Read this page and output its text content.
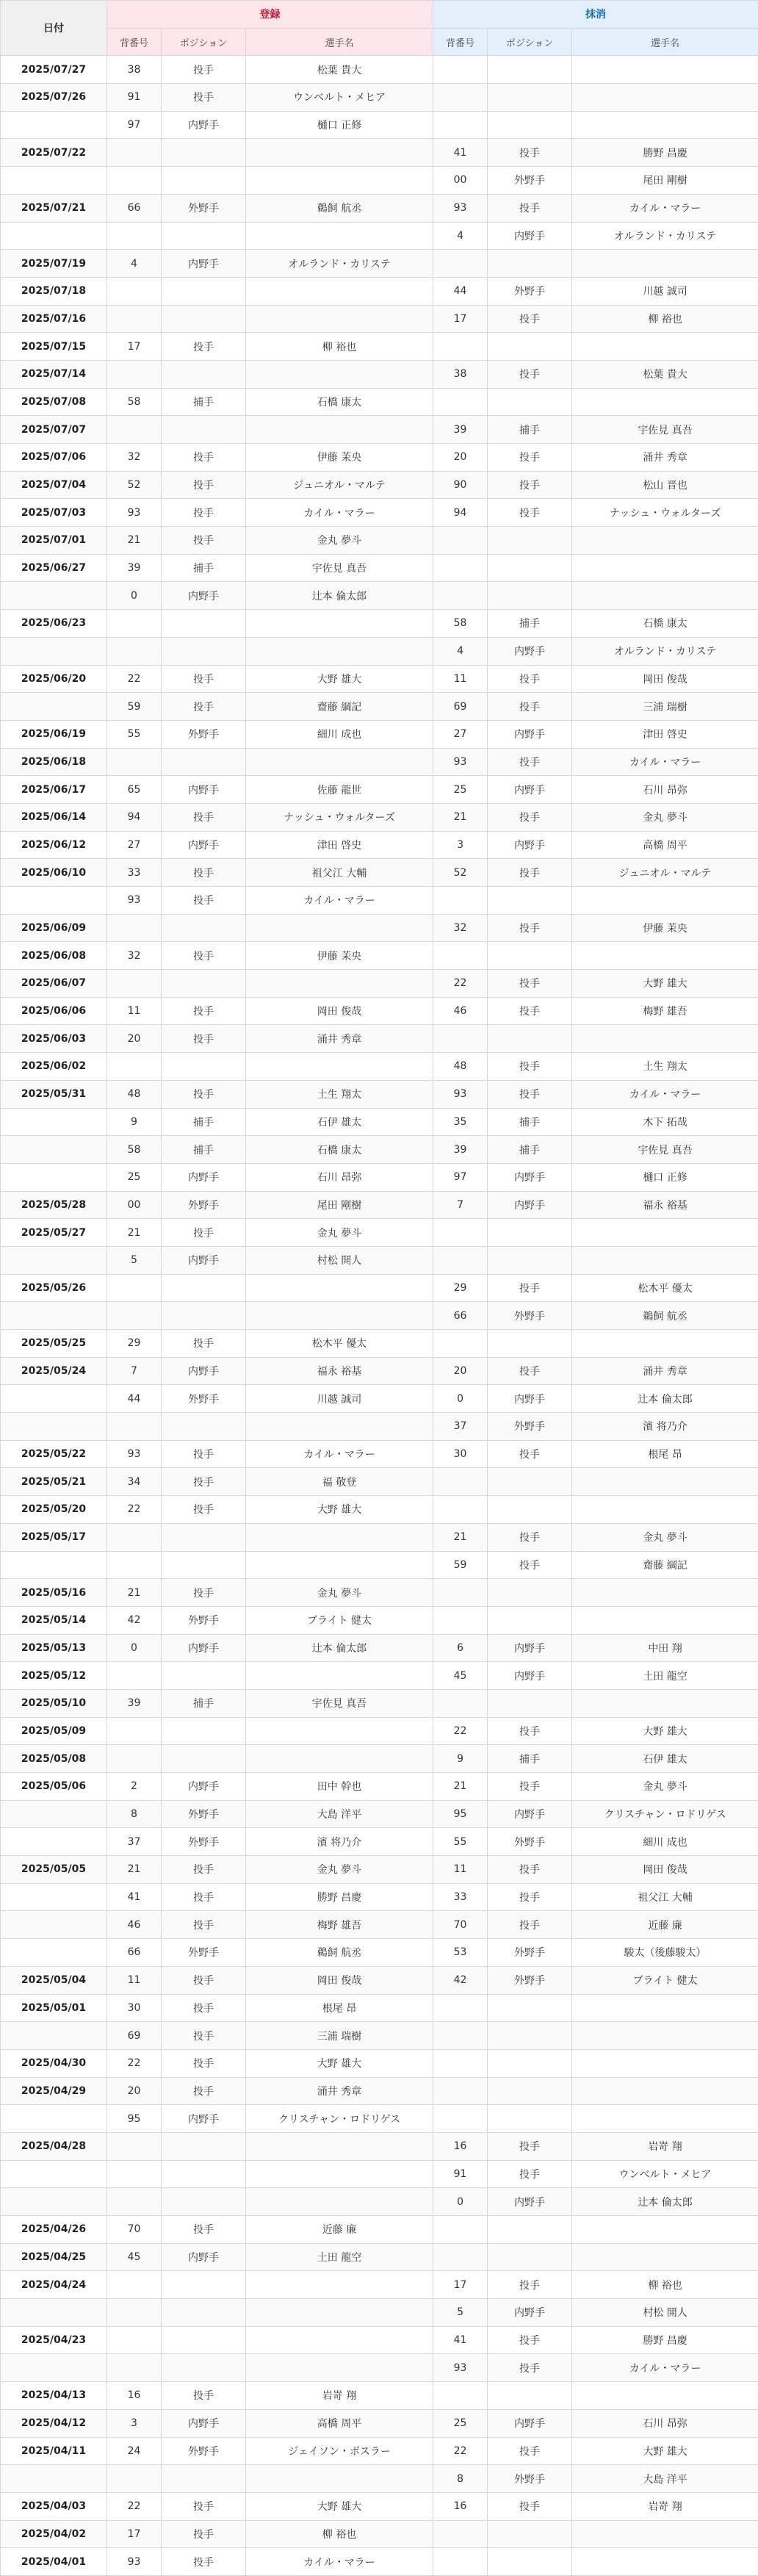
日付	登録			抹消		
	背番号	ポジション	選手名	背番号	ポジション	選手名
2025/07/27	38	投手	松葉 貴大			
2025/07/26	91	投手	ウンベルト・メヒア			
	97	内野手	樋口 正修			
2025/07/22				41	投手	勝野 昌慶
				00	外野手	尾田 剛樹
2025/07/21	66	外野手	鵜飼 航丞	93	投手	カイル・マラー
				4	内野手	オルランド・カリステ
2025/07/19	4	内野手	オルランド・カリステ			
2025/07/18				44	外野手	川越 誠司
2025/07/16				17	投手	柳 裕也
2025/07/15	17	投手	柳 裕也			
2025/07/14				38	投手	松葉 貴大
2025/07/08	58	捕手	石橋 康太			
2025/07/07				39	捕手	宇佐見 真吾
2025/07/06	32	投手	伊藤 茉央	20	投手	涌井 秀章
2025/07/04	52	投手	ジュニオル・マルテ	90	投手	松山 晋也
2025/07/03	93	投手	カイル・マラー	94	投手	ナッシュ・ウォルターズ
2025/07/01	21	投手	金丸 夢斗			
2025/06/27	39	捕手	宇佐見 真吾			
	0	内野手	辻本 倫太郎			
2025/06/23				58	捕手	石橋 康太
				4	内野手	オルランド・カリステ
2025/06/20	22	投手	大野 雄大	11	投手	岡田 俊哉
	59	投手	齋藤 綱記	69	投手	三浦 瑞樹
2025/06/19	55	外野手	細川 成也	27	内野手	津田 啓史
2025/06/18				93	投手	カイル・マラー
2025/06/17	65	内野手	佐藤 龍世	25	内野手	石川 昂弥
2025/06/14	94	投手	ナッシュ・ウォルターズ	21	投手	金丸 夢斗
2025/06/12	27	内野手	津田 啓史	3	内野手	高橋 周平
2025/06/10	33	投手	祖父江 大輔	52	投手	ジュニオル・マルテ
	93	投手	カイル・マラー			
2025/06/09				32	投手	伊藤 茉央
2025/06/08	32	投手	伊藤 茉央			
2025/06/07				22	投手	大野 雄大
2025/06/06	11	投手	岡田 俊哉	46	投手	梅野 雄吾
2025/06/03	20	投手	涌井 秀章			
2025/06/02				48	投手	土生 翔太
2025/05/31	48	投手	土生 翔太	93	投手	カイル・マラー
	9	捕手	石伊 雄太	35	捕手	木下 拓哉
	58	捕手	石橋 康太	39	捕手	宇佐見 真吾
	25	内野手	石川 昂弥	97	内野手	樋口 正修
2025/05/28	00	外野手	尾田 剛樹	7	内野手	福永 裕基
2025/05/27	21	投手	金丸 夢斗			
	5	内野手	村松 開人			
2025/05/26				29	投手	松木平 優太
				66	外野手	鵜飼 航丞
2025/05/25	29	投手	松木平 優太			
2025/05/24	7	内野手	福永 裕基	20	投手	涌井 秀章
	44	外野手	川越 誠司	0	内野手	辻本 倫太郎
				37	外野手	濱 将乃介
2025/05/22	93	投手	カイル・マラー	30	投手	根尾 昂
2025/05/21	34	投手	福 敬登			
2025/05/20	22	投手	大野 雄大			
2025/05/17				21	投手	金丸 夢斗
				59	投手	齋藤 綱記
2025/05/16	21	投手	金丸 夢斗			
2025/05/14	42	外野手	ブライト 健太			
2025/05/13	0	内野手	辻本 倫太郎	6	内野手	中田 翔
2025/05/12				45	内野手	土田 龍空
2025/05/10	39	捕手	宇佐見 真吾			
2025/05/09				22	投手	大野 雄大
2025/05/08				9	捕手	石伊 雄太
2025/05/06	2	内野手	田中 幹也	21	投手	金丸 夢斗
	8	外野手	大島 洋平	95	内野手	クリスチャン・ロドリゲス
	37	外野手	濱 将乃介	55	外野手	細川 成也
2025/05/05	21	投手	金丸 夢斗	11	投手	岡田 俊哉
	41	投手	勝野 昌慶	33	投手	祖父江 大輔
	46	投手	梅野 雄吾	70	投手	近藤 廉
	66	外野手	鵜飼 航丞	53	外野手	駿太（後藤駿太）
2025/05/04	11	投手	岡田 俊哉	42	外野手	ブライト 健太
2025/05/01	30	投手	根尾 昂			
	69	投手	三浦 瑞樹			
2025/04/30	22	投手	大野 雄大			
2025/04/29	20	投手	涌井 秀章			
	95	内野手	クリスチャン・ロドリゲス			
2025/04/28				16	投手	岩嵜 翔
				91	投手	ウンベルト・メヒア
				0	内野手	辻本 倫太郎
2025/04/26	70	投手	近藤 廉			
2025/04/25	45	内野手	土田 龍空			
2025/04/24				17	投手	柳 裕也
				5	内野手	村松 開人
2025/04/23				41	投手	勝野 昌慶
				93	投手	カイル・マラー
2025/04/13	16	投手	岩嵜 翔			
2025/04/12	3	内野手	高橋 周平	25	内野手	石川 昂弥
2025/04/11	24	外野手	ジェイソン・ボスラー	22	投手	大野 雄大
				8	外野手	大島 洋平
2025/04/03	22	投手	大野 雄大	16	投手	岩嵜 翔
2025/04/02	17	投手	柳 裕也			
2025/04/01	93	投手	カイル・マラー			
